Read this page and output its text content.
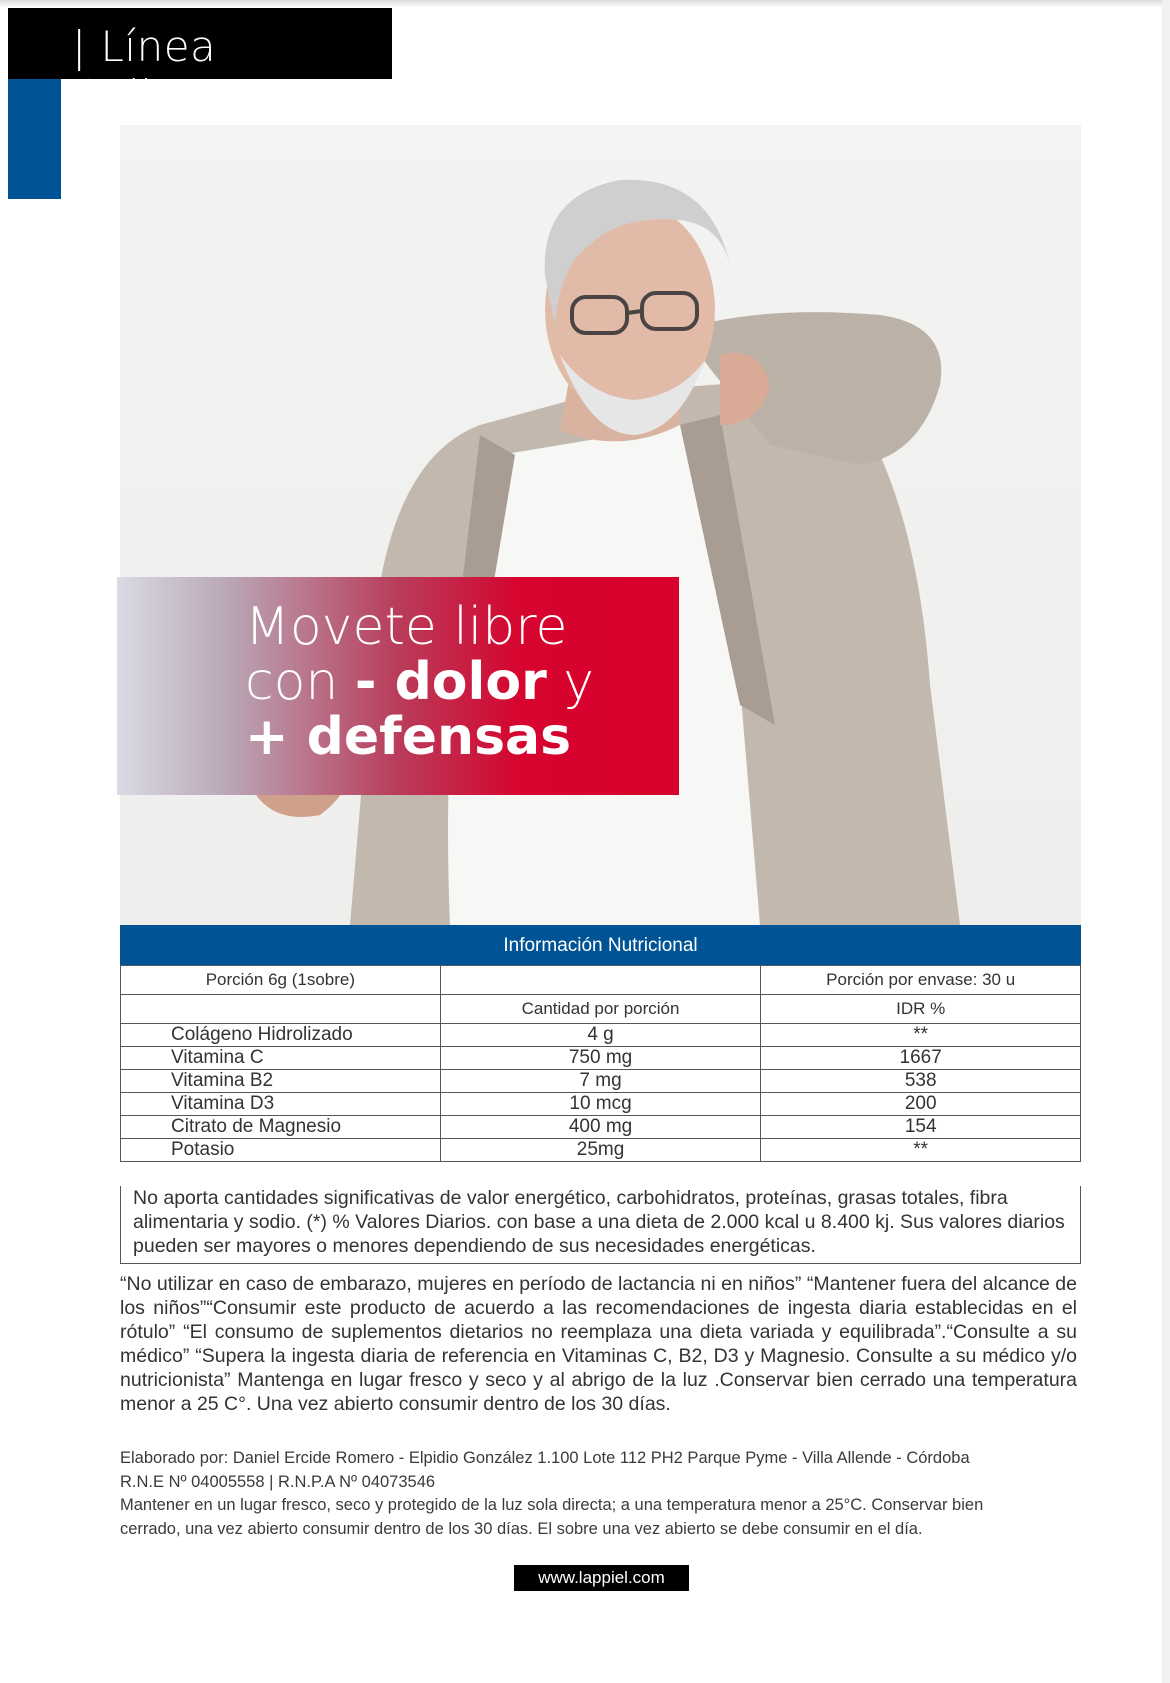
| Línea Collagen
Movete libre
con - dolor y
+ defensas
Información Nutricional
Porción 6g (1sobre)		Porción por envase: 30 u
	Cantidad por porción	IDR %
Colágeno Hidrolizado	4 g	**
Vitamina C	750 mg	1667
Vitamina B2	7 mg	538
Vitamina D3	10 mcg	200
Citrato de Magnesio	400 mg	154
Potasio	25mg	**
No aporta cantidades significativas de valor energético, carbohidratos, proteínas, grasas totales, fibra alimentaria y sodio. (*) % Valores Diarios. con base a una dieta de 2.000 kcal u 8.400 kj. Sus valores diarios pueden ser mayores o menores dependiendo de sus necesidades energéticas.
“No utilizar en caso de embarazo, mujeres en período de lactancia ni en niños” “Mantener fuera del alcance de los niños”“Consumir este producto de acuerdo a las recomendaciones de ingesta diaria establecidas en el rótulo” “El consumo de suplementos dietarios no reemplaza una dieta variada y equilibrada”.“Consulte a su médico” “Supera la ingesta diaria de referencia en Vitaminas C, B2, D3 y Magnesio. Consulte a su médico y/o nutricionista” Mantenga en lugar fresco y seco y al abrigo de la luz .Conservar bien cerrado una temperatura menor a 25 C°. Una vez abierto consumir dentro de los 30 días.
Elaborado por: Daniel Ercide Romero - Elpidio González 1.100 Lote 112 PH2 Parque Pyme - Villa Allende - Córdoba
R.N.E Nº 04005558 | R.N.P.A Nº 04073546
Mantener en un lugar fresco, seco y protegido de la luz sola directa; a una temperatura menor a 25°C. Conservar bien
cerrado, una vez abierto consumir dentro de los 30 días. El sobre una vez abierto se debe consumir en el día.
www.lappiel.com
